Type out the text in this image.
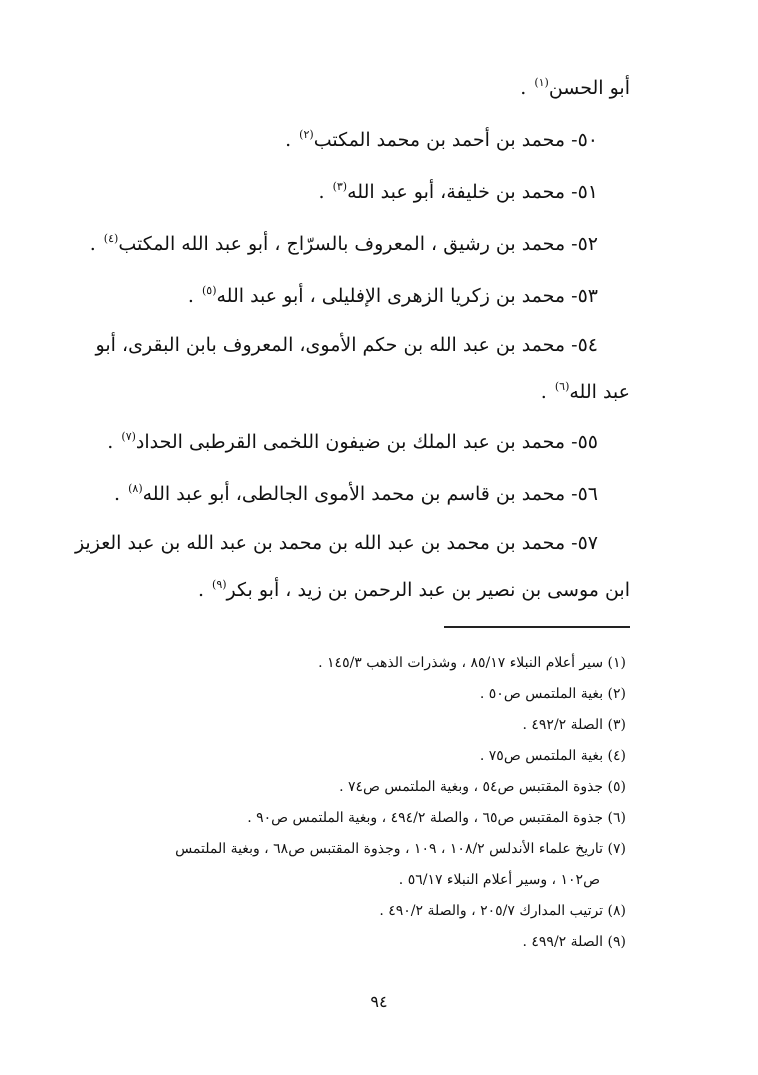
أبو الحسن$^{(١)}$ .
٥٠- محمد بن أحمد بن محمد المكتب$^{(٢)}$ .
٥١- محمد بن خليفة، أبو عبد الله$^{(٣)}$ .
٥٢- محمد بن رشيق ، المعروف بالسرّاج ، أبو عبد الله المكتب$^{(٤)}$ .
٥٣- محمد بن زكريا الزهرى الإفليلى ، أبو عبد الله$^{(٥)}$ .
٥٤- محمد بن عبد الله بن حكم الأموى، المعروف بابن البقرى، أبو
عبد الله$^{(٦)}$ .
٥٥- محمد بن عبد الملك بن ضيفون اللخمى القرطبى الحداد$^{(٧)}$ .
٥٦- محمد بن قاسم بن محمد الأموى الجالطى، أبو عبد الله$^{(٨)}$ .
٥٧- محمد بن محمد بن عبد الله بن محمد بن عبد الله بن عبد العزيز
ابن موسى بن نصير بن عبد الرحمن بن زيد ، أبو بكر$^{(٩)}$ .
(١) سير أعلام النبلاء ٨٥/١٧ ، وشذرات الذهب ١٤٥/٣ .
(٢) بغية الملتمس ص٥٠ .
(٣) الصلة ٤٩٢/٢ .
(٤) بغية الملتمس ص٧٥ .
(٥) جذوة المقتبس ص٥٤ ، وبغية الملتمس ص٧٤ .
(٦) جذوة المقتبس ص٦٥ ، والصلة ٤٩٤/٢ ، وبغية الملتمس ص٩٠ .
(٧) تاريخ علماء الأندلس ١٠٨/٢ ، ١٠٩ ، وجذوة المقتبس ص٦٨ ، وبغية الملتمس
ص١٠٢ ، وسير أعلام النبلاء ٥٦/١٧ .
(٨) ترتيب المدارك ٢٠٥/٧ ، والصلة ٤٩٠/٢ .
(٩) الصلة ٤٩٩/٢ .
٩٤
